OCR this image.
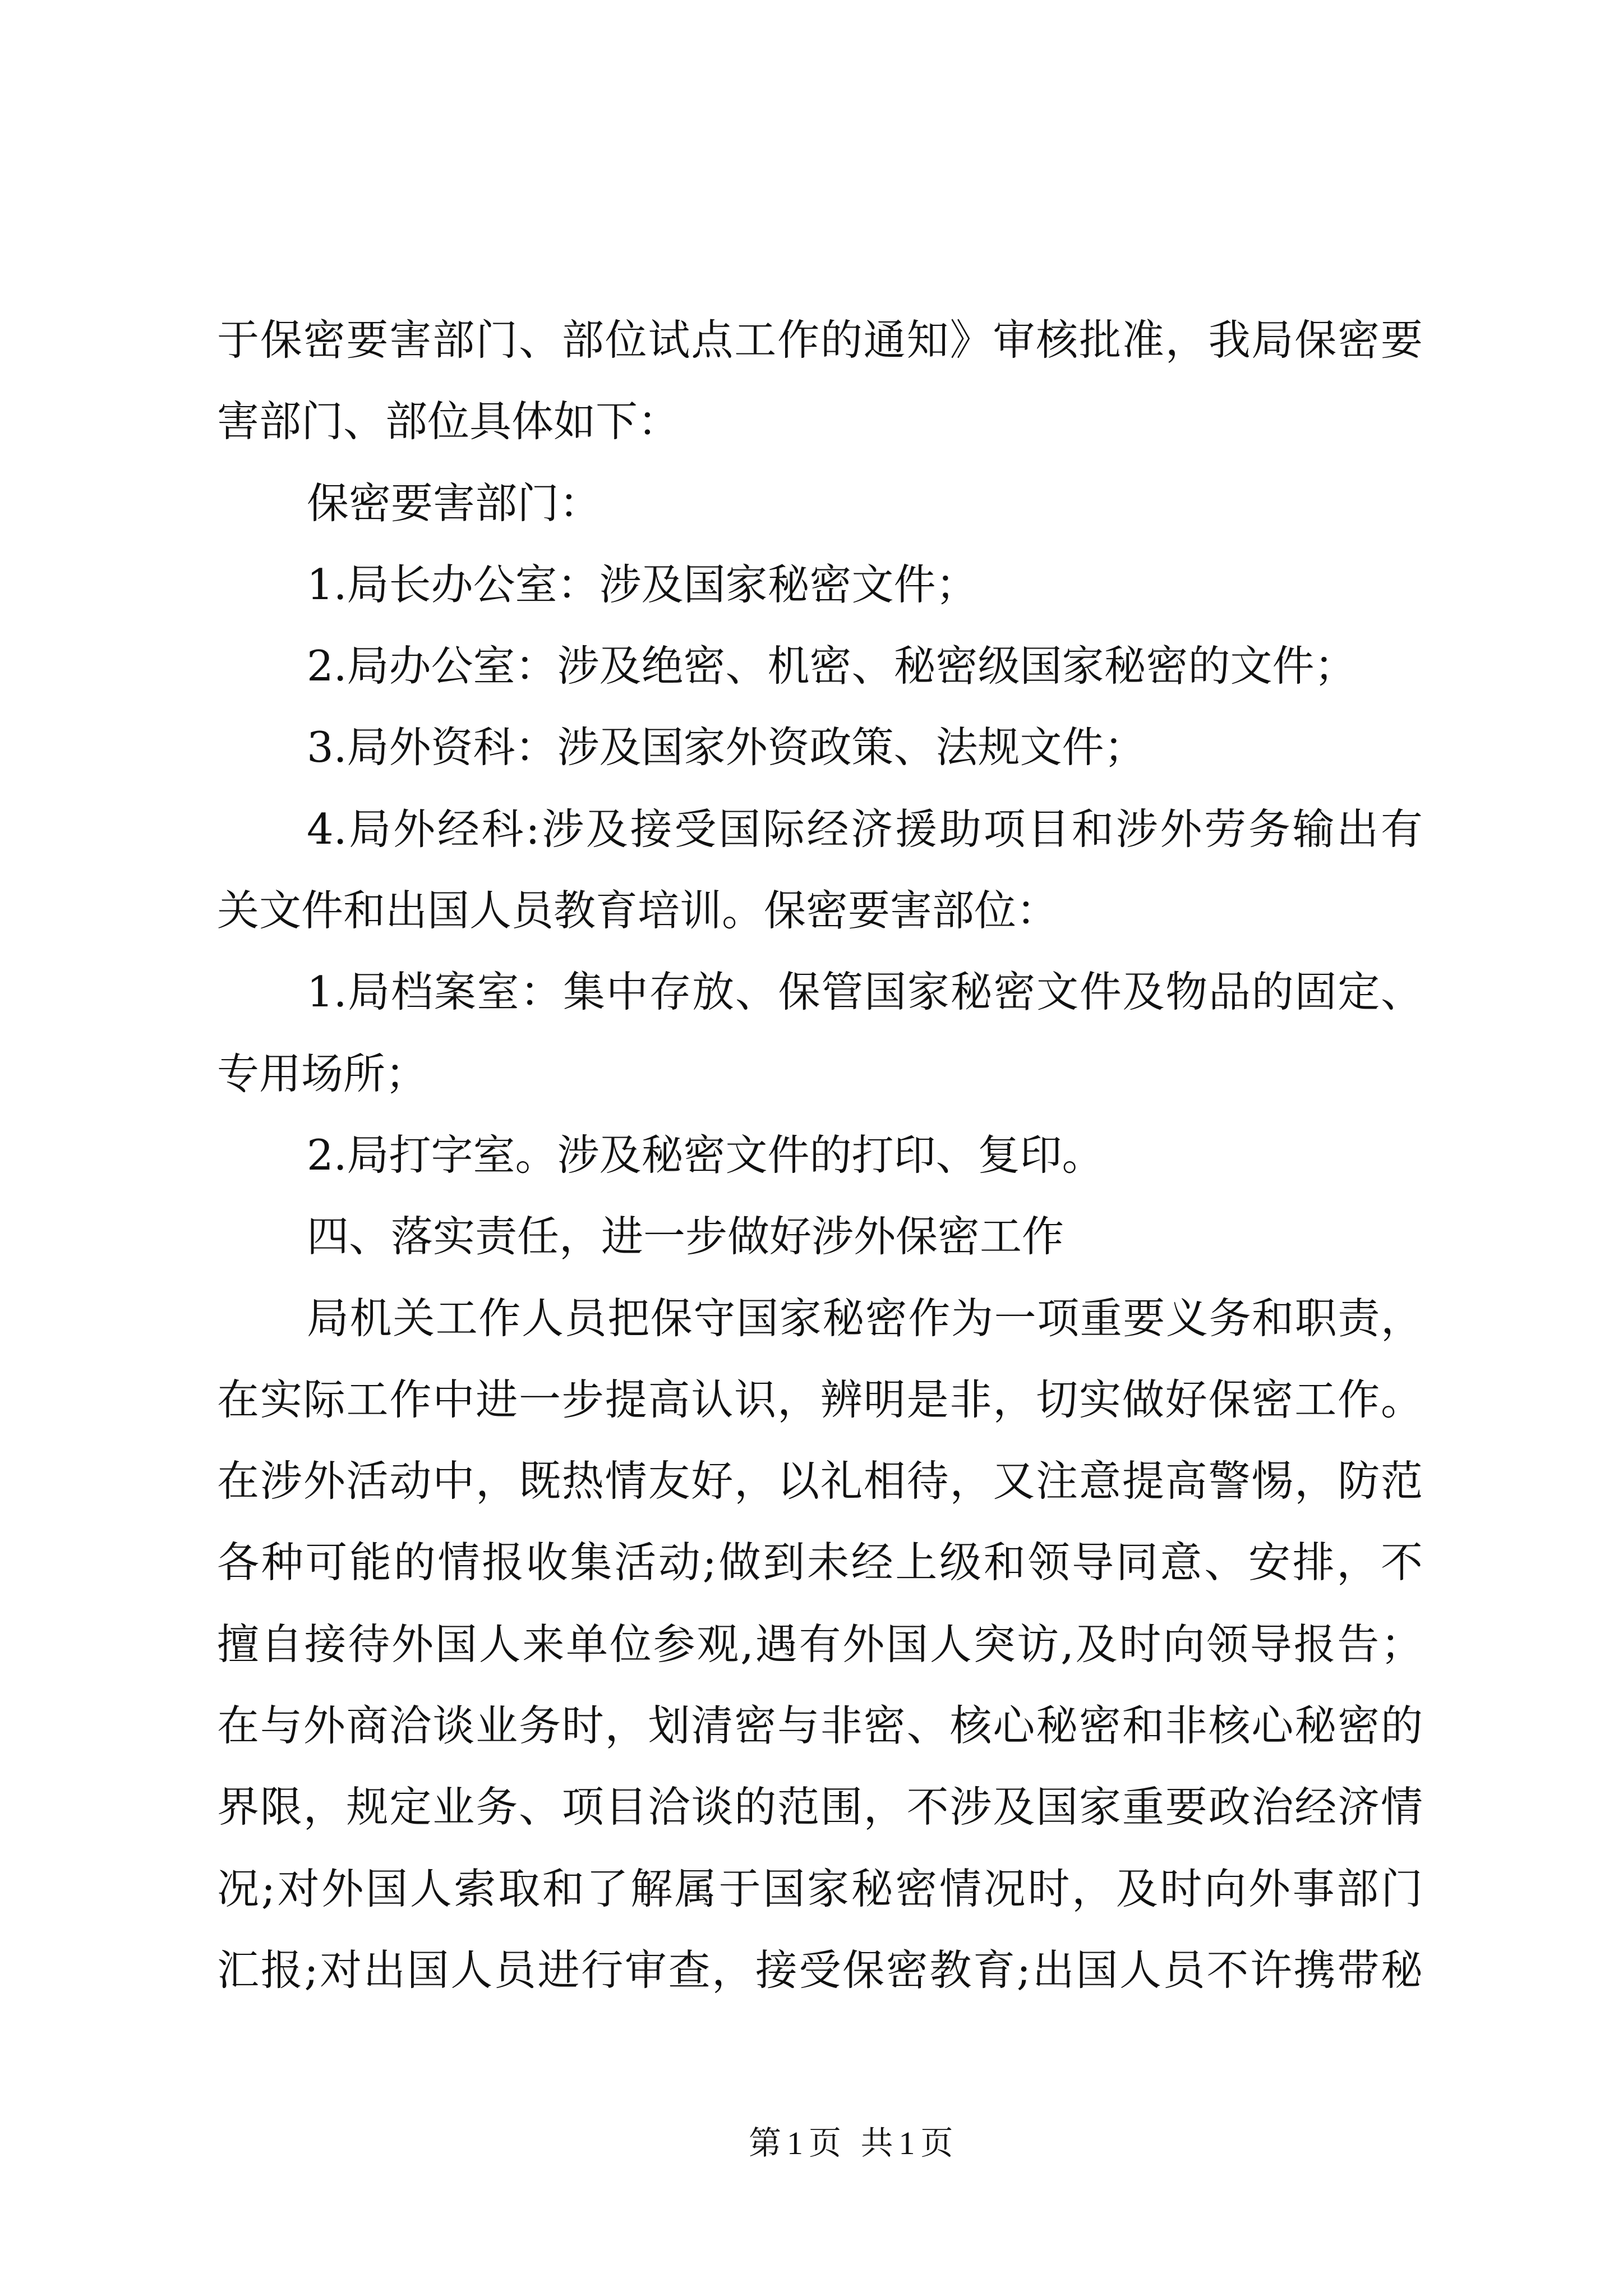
于保密要害部门、部位试点工作的通知》审核批准，我局保密要
害部门、部位具体如下：
保密要害部门：
1.局长办公室：涉及国家秘密文件；
2.局办公室：涉及绝密、机密、秘密级国家秘密的文件；
3.局外资科：涉及国家外资政策、法规文件；
4.局外经科:涉及接受国际经济援助项目和涉外劳务输出有
关文件和出国人员教育培训。保密要害部位：
1.局档案室：集中存放、保管国家秘密文件及物品的固定、
专用场所；
2.局打字室。涉及秘密文件的打印、复印。
四、落实责任，进一步做好涉外保密工作
局机关工作人员把保守国家秘密作为一项重要义务和职责，
在实际工作中进一步提高认识，辨明是非，切实做好保密工作。
在涉外活动中，既热情友好，以礼相待，又注意提高警惕，防范
各种可能的情报收集活动;做到未经上级和领导同意、安排，不
擅自接待外国人来单位参观,遇有外国人突访,及时向领导报告；
在与外商洽谈业务时，划清密与非密、核心秘密和非核心秘密的
界限，规定业务、项目洽谈的范围，不涉及国家重要政治经济情
况;对外国人索取和了解属于国家秘密情况时，及时向外事部门
汇报;对出国人员进行审查，接受保密教育;出国人员不许携带秘
第1页 共1页
